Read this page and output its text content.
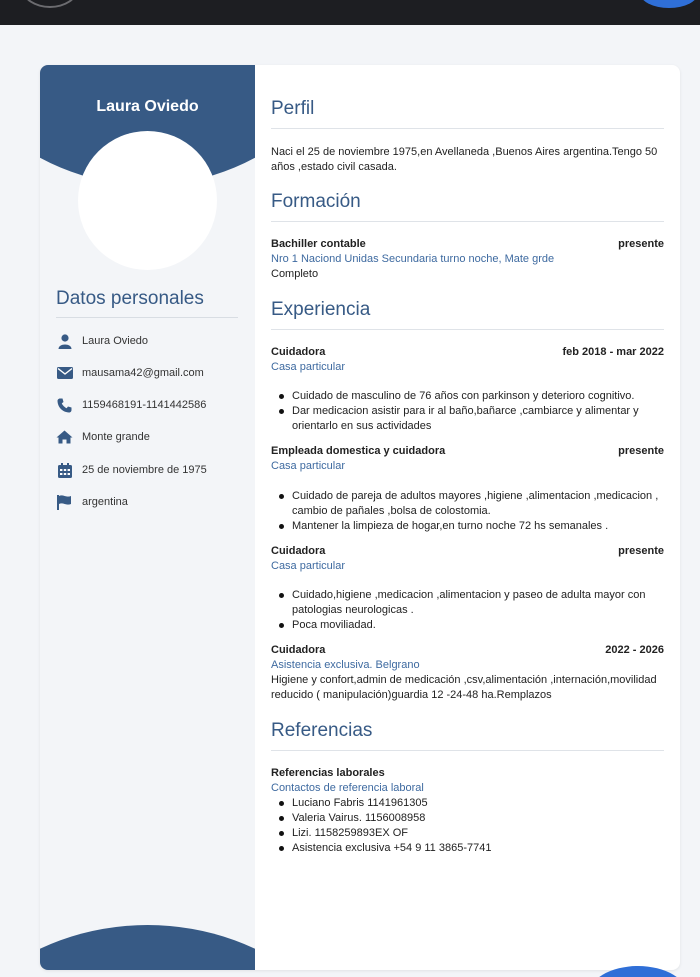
Laura Oviedo
Datos personales
Laura Oviedo
mausama42@gmail.com
1159468191-1141442586
Monte grande
25 de noviembre de 1975
argentina
Perfil
Naci el 25 de noviembre 1975,en Avellaneda ,Buenos Aires argentina.Tengo 50 años ,estado civil casada.
Formación
Bachiller contable	presente
Nro 1 Naciond Unidas Secundaria turno noche, Mate grde
Completo
Experiencia
Cuidadora	feb 2018 - mar 2022
Casa particular
Cuidado de masculino de 76 años con parkinson y deterioro cognitivo.
Dar medicacion asistir para ir al baño,bañarce ,cambiarce y alimentar y orientarlo en sus actividades
Empleada domestica y cuidadora	presente
Casa particular
Cuidado de pareja de adultos mayores ,higiene ,alimentacion ,medicacion , cambio de pañales ,bolsa de colostomia.
Mantener la limpieza de hogar,en turno noche 72 hs semanales .
Cuidadora	presente
Casa particular
Cuidado,higiene ,medicacion ,alimentacion y paseo de adulta mayor con patologias neurologicas .
Poca moviliadad.
Cuidadora	2022 - 2026
Asistencia exclusiva. Belgrano
Higiene y confort,admin de medicación ,csv,alimentación ,internación,movilidad reducido ( manipulación)guardia 12 -24-48 ha.Remplazos
Referencias
Referencias laborales
Contactos de referencia laboral
Luciano Fabris 1141961305
Valeria Vairus. 1156008958
Lizi. 1158259893EX OF
Asistencia exclusiva +54 9 11 3865-7741
